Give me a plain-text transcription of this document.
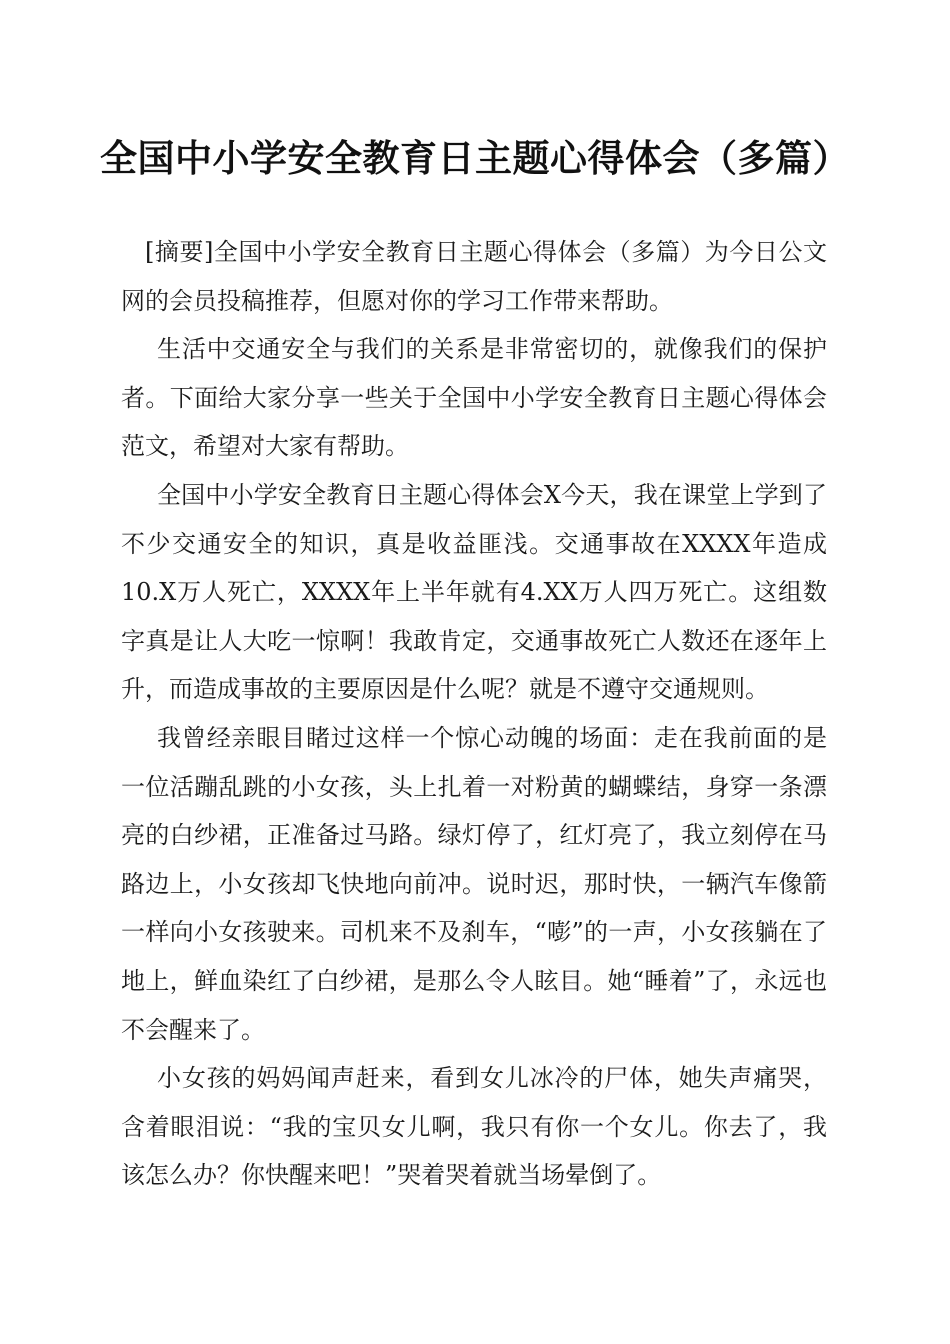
全国中小学安全教育日主题心得体会（多篇）

[摘要]全国中小学安全教育日主题心得体会（多篇）为今日公文网的会员投稿推荐，但愿对你的学习工作带来帮助。

生活中交通安全与我们的关系是非常密切的，就像我们的保护者。下面给大家分享一些关于全国中小学安全教育日主题心得体会范文，希望对大家有帮助。

全国中小学安全教育日主题心得体会X今天，我在课堂上学到了不少交通安全的知识，真是收益匪浅。交通事故在XXXX年造成10.X万人死亡，XXXX年上半年就有4.XX万人四万死亡。这组数字真是让人大吃一惊啊！我敢肯定，交通事故死亡人数还在逐年上升，而造成事故的主要原因是什么呢？就是不遵守交通规则。

我曾经亲眼目睹过这样一个惊心动魄的场面：走在我前面的是一位活蹦乱跳的小女孩，头上扎着一对粉黄的蝴蝶结，身穿一条漂亮的白纱裙，正准备过马路。绿灯停了，红灯亮了，我立刻停在马路边上，小女孩却飞快地向前冲。说时迟，那时快，一辆汽车像箭一样向小女孩驶来。司机来不及刹车，“嘭”的一声，小女孩躺在了地上，鲜血染红了白纱裙，是那么令人眩目。她“睡着”了，永远也不会醒来了。

小女孩的妈妈闻声赶来，看到女儿冰冷的尸体，她失声痛哭，含着眼泪说：“我的宝贝女儿啊，我只有你一个女儿。你去了，我该怎么办？你快醒来吧！”哭着哭着就当场晕倒了。
